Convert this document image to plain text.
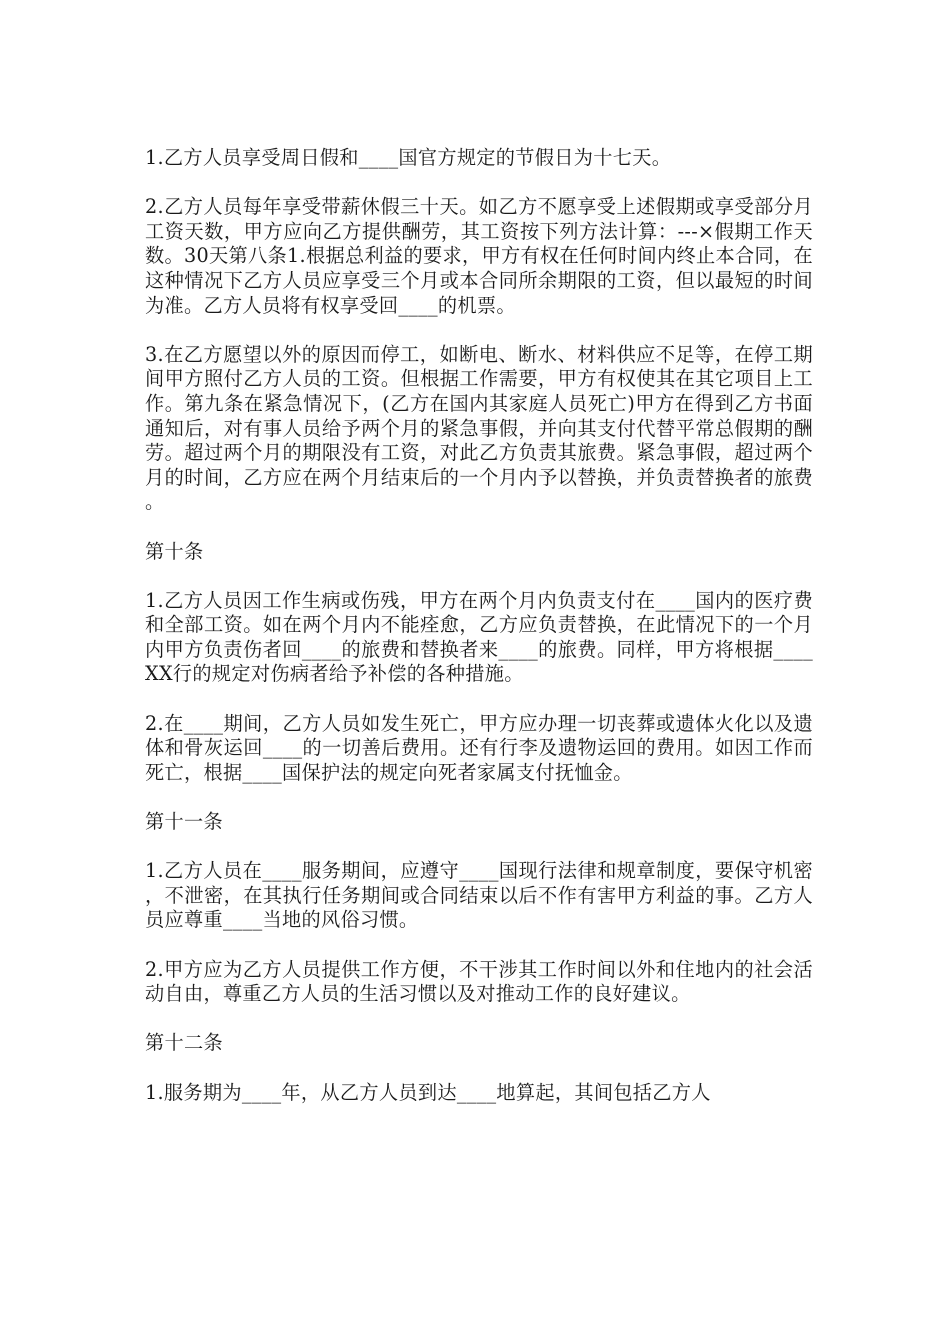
1.乙方人员享受周日假和____国官方规定的节假日为十七天。

2.乙方人员每年享受带薪休假三十天。如乙方不愿享受上述假期或享受部分月工资天数，甲方应向乙方提供酬劳，其工资按下列方法计算：---×假期工作天数。30天第八条1.根据总利益的要求，甲方有权在任何时间内终止本合同，在这种情况下乙方人员应享受三个月或本合同所余期限的工资，但以最短的时间为准。乙方人员将有权享受回____的机票。

3.在乙方愿望以外的原因而停工，如断电、断水、材料供应不足等，在停工期间甲方照付乙方人员的工资。但根据工作需要，甲方有权使其在其它项目上工作。第九条在紧急情况下，(乙方在国内其家庭人员死亡)甲方在得到乙方书面通知后，对有事人员给予两个月的紧急事假，并向其支付代替平常总假期的酬劳。超过两个月的期限没有工资，对此乙方负责其旅费。紧急事假，超过两个月的时间，乙方应在两个月结束后的一个月内予以替换，并负责替换者的旅费。

第十条

1.乙方人员因工作生病或伤残，甲方在两个月内负责支付在____国内的医疗费和全部工资。如在两个月内不能痊愈，乙方应负责替换，在此情况下的一个月内甲方负责伤者回____的旅费和替换者来____的旅费。同样，甲方将根据____XX行的规定对伤病者给予补偿的各种措施。

2.在____期间，乙方人员如发生死亡，甲方应办理一切丧葬或遗体火化以及遗体和骨灰运回____的一切善后费用。还有行李及遗物运回的费用。如因工作而死亡，根据____国保护法的规定向死者家属支付抚恤金。

第十一条

1.乙方人员在____服务期间，应遵守____国现行法律和规章制度，要保守机密，不泄密，在其执行任务期间或合同结束以后不作有害甲方利益的事。乙方人员应尊重____当地的风俗习惯。

2.甲方应为乙方人员提供工作方便，不干涉其工作时间以外和住地内的社会活动自由，尊重乙方人员的生活习惯以及对推动工作的良好建议。

第十二条

1.服务期为____年，从乙方人员到达____地算起，其间包括乙方人
